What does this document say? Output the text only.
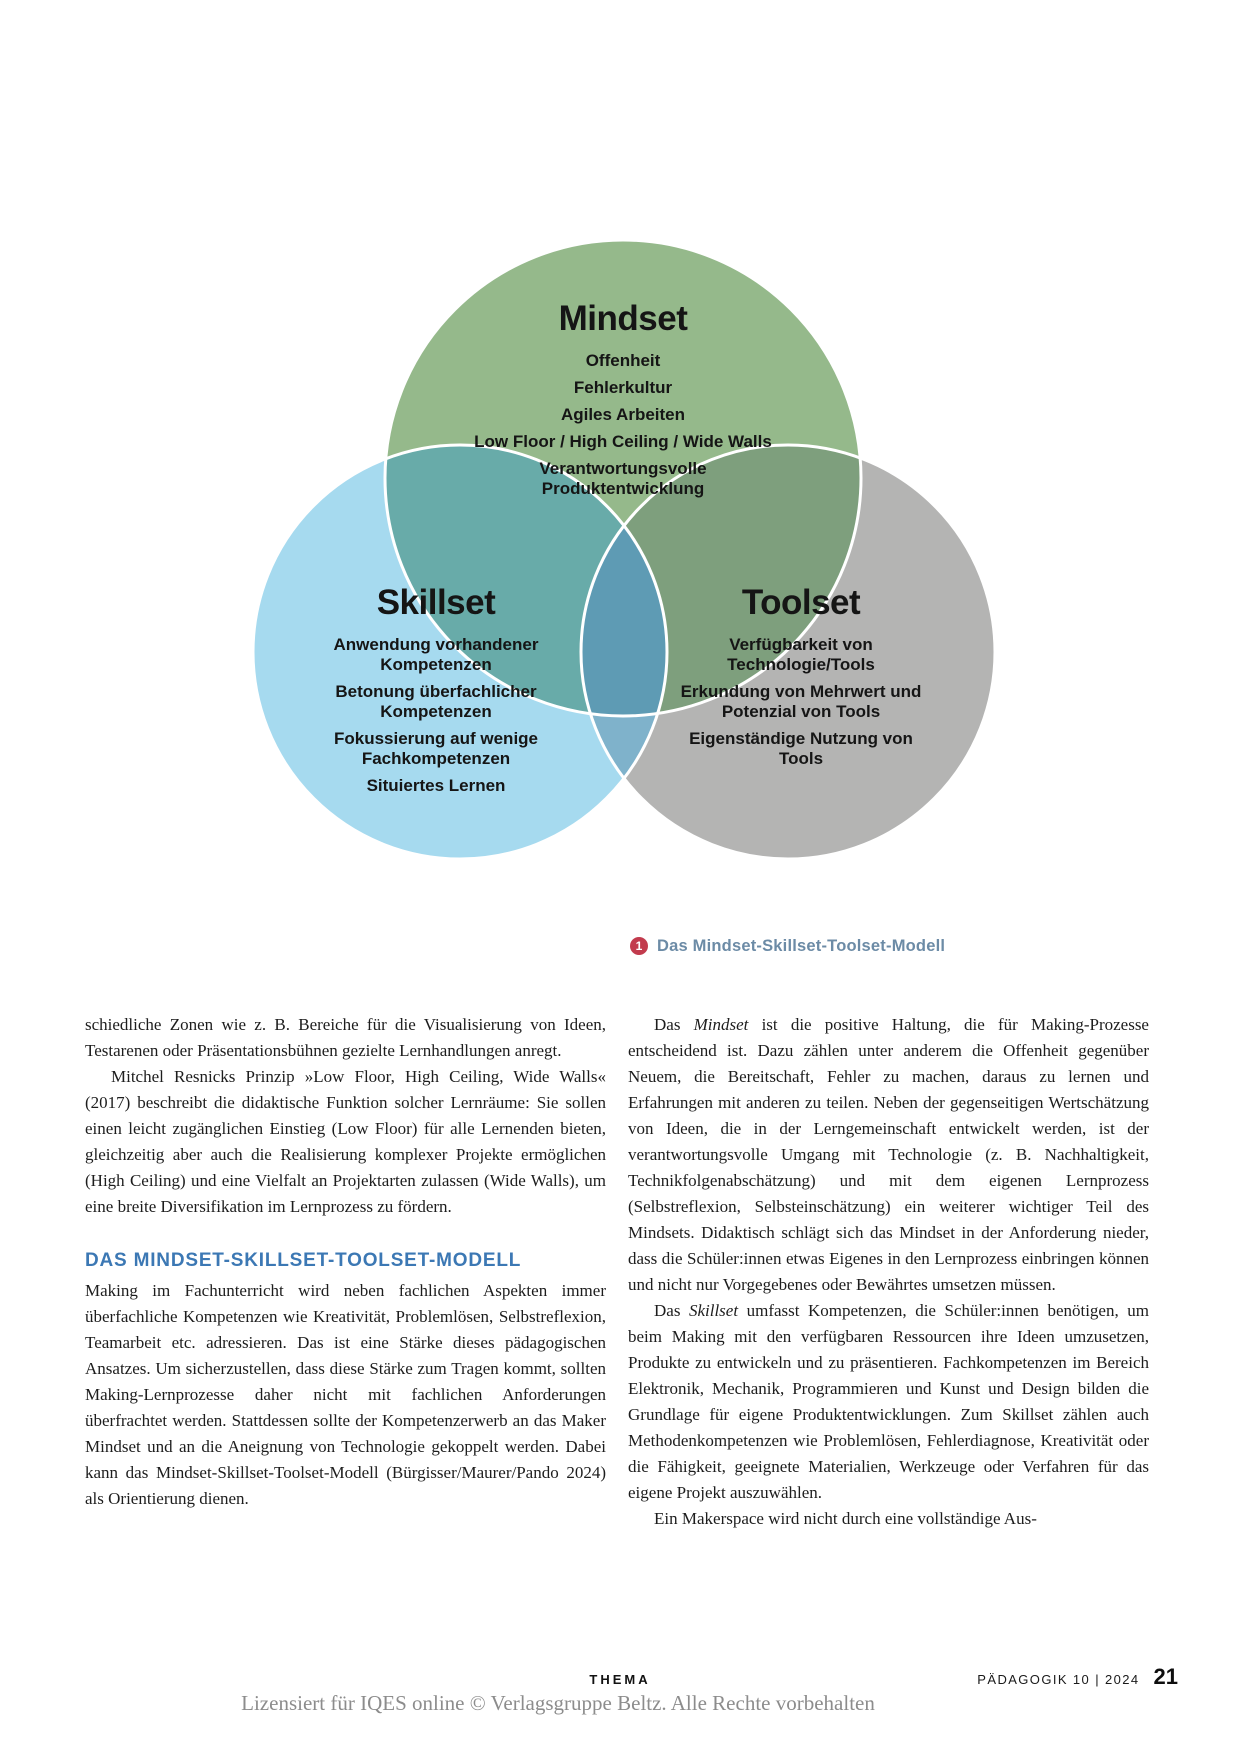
Mindset
Offenheit
Fehlerkultur
Agiles Arbeiten
Low Floor / High Ceiling / Wide Walls
Verantwortungsvolle
Produktentwicklung
Skillset
Anwendung vorhandener
Kompetenzen
Betonung überfachlicher
Kompetenzen
Fokussierung auf wenige
Fachkompetenzen
Situiertes Lernen
Toolset
Verfügbarkeit von
Technologie/Tools
Erkundung von Mehrwert und
Potenzial von Tools
Eigenständige Nutzung von
Tools
1 Das Mindset-Skillset-Toolset-Modell

schiedliche Zonen wie z. B. Bereiche für die Visualisierung von Ideen, Testarenen oder Präsentationsbühnen gezielte Lernhandlungen anregt.

Mitchel Resnicks Prinzip »Low Floor, High Ceiling, Wide Walls« (2017) beschreibt die didaktische Funktion solcher Lernräume: Sie sollen einen leicht zugänglichen Einstieg (Low Floor) für alle Lernenden bieten, gleichzeitig aber auch die Realisierung komplexer Projekte ermöglichen (High Ceiling) und eine Vielfalt an Projektarten zulassen (Wide Walls), um eine breite Diversifikation im Lernprozess zu fördern.

DAS MINDSET-SKILLSET-TOOLSET-MODELL

Making im Fachunterricht wird neben fachlichen Aspekten immer überfachliche Kompetenzen wie Kreativität, Problemlösen, Selbstreflexion, Teamarbeit etc. adressieren. Das ist eine Stärke dieses pädagogischen Ansatzes. Um sicherzustellen, dass diese Stärke zum Tragen kommt, sollten Making-Lernprozesse daher nicht mit fachlichen Anforderungen überfrachtet werden. Stattdessen sollte der Kompetenzerwerb an das Maker Mindset und an die Aneignung von Technologie gekoppelt werden. Dabei kann das Mindset-Skillset-Toolset-Modell (Bürgisser/Maurer/Pando 2024) als Orientierung dienen.

Das Mindset ist die positive Haltung, die für Making-Prozesse entscheidend ist. Dazu zählen unter anderem die Offenheit gegenüber Neuem, die Bereitschaft, Fehler zu machen, daraus zu lernen und Erfahrungen mit anderen zu teilen. Neben der gegenseitigen Wertschätzung von Ideen, die in der Lerngemeinschaft entwickelt werden, ist der verantwortungsvolle Umgang mit Technologie (z. B. Nachhaltigkeit, Technikfolgenabschätzung) und mit dem eigenen Lernprozess (Selbstreflexion, Selbsteinschätzung) ein weiterer wichtiger Teil des Mindsets. Didaktisch schlägt sich das Mindset in der Anforderung nieder, dass die Schüler:innen etwas Eigenes in den Lernprozess einbringen können und nicht nur Vorgegebenes oder Bewährtes umsetzen müssen.

Das Skillset umfasst Kompetenzen, die Schüler:innen benötigen, um beim Making mit den verfügbaren Ressourcen ihre Ideen umzusetzen, Produkte zu entwickeln und zu präsentieren. Fachkompetenzen im Bereich Elektronik, Mechanik, Programmieren und Kunst und Design bilden die Grundlage für eigene Produktentwicklungen. Zum Skillset zählen auch Methodenkompetenzen wie Problemlösen, Fehlerdiagnose, Kreativität oder die Fähigkeit, geeignete Materialien, Werkzeuge oder Verfahren für das eigene Projekt auszuwählen.

Ein Makerspace wird nicht durch eine vollständige Aus-

THEMA	PÄDAGOGIK 10 | 2024 21
Lizensiert für IQES online © Verlagsgruppe Beltz. Alle Rechte vorbehalten
